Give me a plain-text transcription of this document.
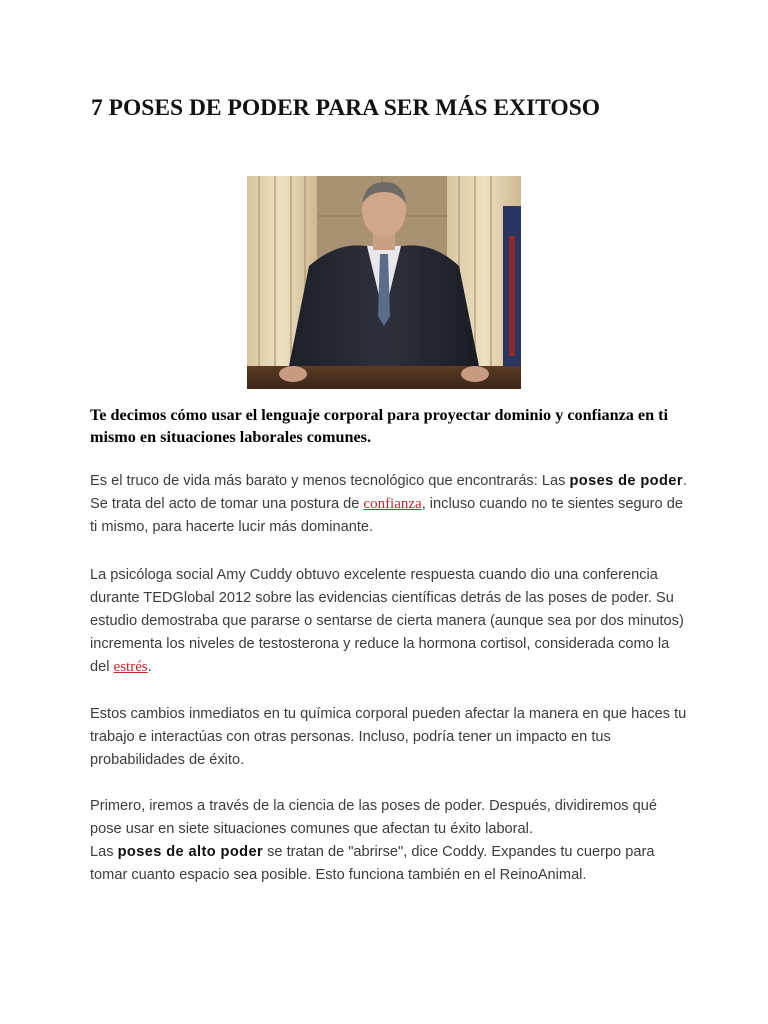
7 POSES DE PODER PARA SER MÁS EXITOSO

Te decimos cómo usar el lenguaje corporal para proyectar dominio y confianza en ti mismo en situaciones laborales comunes.

Es el truco de vida más barato y menos tecnológico que encontrarás: Las poses de poder. Se trata del acto de tomar una postura de confianza, incluso cuando no te sientes seguro de ti mismo, para hacerte lucir más dominante.

La psicóloga social Amy Cuddy obtuvo excelente respuesta cuando dio una conferencia durante TEDGlobal 2012 sobre las evidencias científicas detrás de las poses de poder. Su estudio demostraba que pararse o sentarse de cierta manera (aunque sea por dos minutos) incrementa los niveles de testosterona y reduce la hormona cortisol, considerada como la del estrés.

Estos cambios inmediatos en tu química corporal pueden afectar la manera en que haces tu trabajo e interactúas con otras personas. Incluso, podría tener un impacto en tus probabilidades de éxito.

Primero, iremos a través de la ciencia de las poses de poder. Después, dividiremos qué pose usar en siete situaciones comunes que afectan tu éxito laboral.
Las poses de alto poder se tratan de "abrirse", dice Coddy. Expandes tu cuerpo para tomar cuanto espacio sea posible. Esto funciona también en el ReinoAnimal.
